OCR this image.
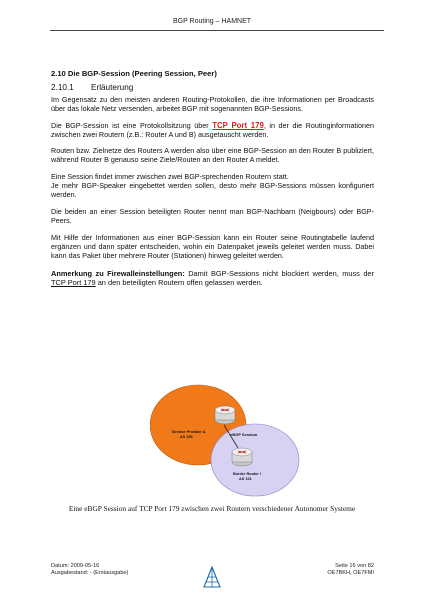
BGP Routing – HAMNET
2.10 Die BGP-Session (Peering Session, Peer)
2.10.1 Erläuterung

Im Gegensatz zu den meisten anderen Routing-Protokollen, die ihre Informationen per Broadcasts über das lokale Netz versenden, arbeitet BGP mit sogenannten BGP-Sessions.

Die BGP-Session ist eine Protokollsitzung über TCP Port 179, in der die Routinginformationen zwischen zwei Routern (z.B.: Router A und B) ausgetauscht werden.

Routen bzw. Zielnetze des Routers A werden also über eine BGP-Session an den Router B publiziert, während Router B genauso seine Ziele/Routen an den Router A meldet.

Eine Session findet immer zwischen zwei BGP-sprechenden Routern statt.

Je mehr BGP-Speaker eingebettet werden sollen, desto mehr BGP-Sessions müssen konfiguriert werden.

Die beiden an einer Session beteiligten Router nennt man BGP-Nachbarn (Neigbours) oder BGP-Peers.

Mit Hilfe der Informationen aus einer BGP-Session kann ein Router seine Routingtabelle laufend ergänzen und dann später entscheiden, wohin ein Datenpaket jeweils geleitet werden muss. Dabei kann das Paket über mehrere Router (Stationen) hinweg geleitet werden.

Anmerkung zu Firewalleinstellungen: Damit BGP-Sessions nicht blockiert werden, muss der TCP Port 179 an den beteiligten Routern offen gelassen werden.

Service Provider A
AS 200	eBGP Session
Border Router I
AS 101
Eine eBGP Session auf TCP Port 179 zwischen zwei Routern verschiedener Autonomer Systeme
Datum: 2009-05-16
Ausgabestand: - (Erstausgabe)
Seite 16 von 82
OE7BKH, OE7FMI
